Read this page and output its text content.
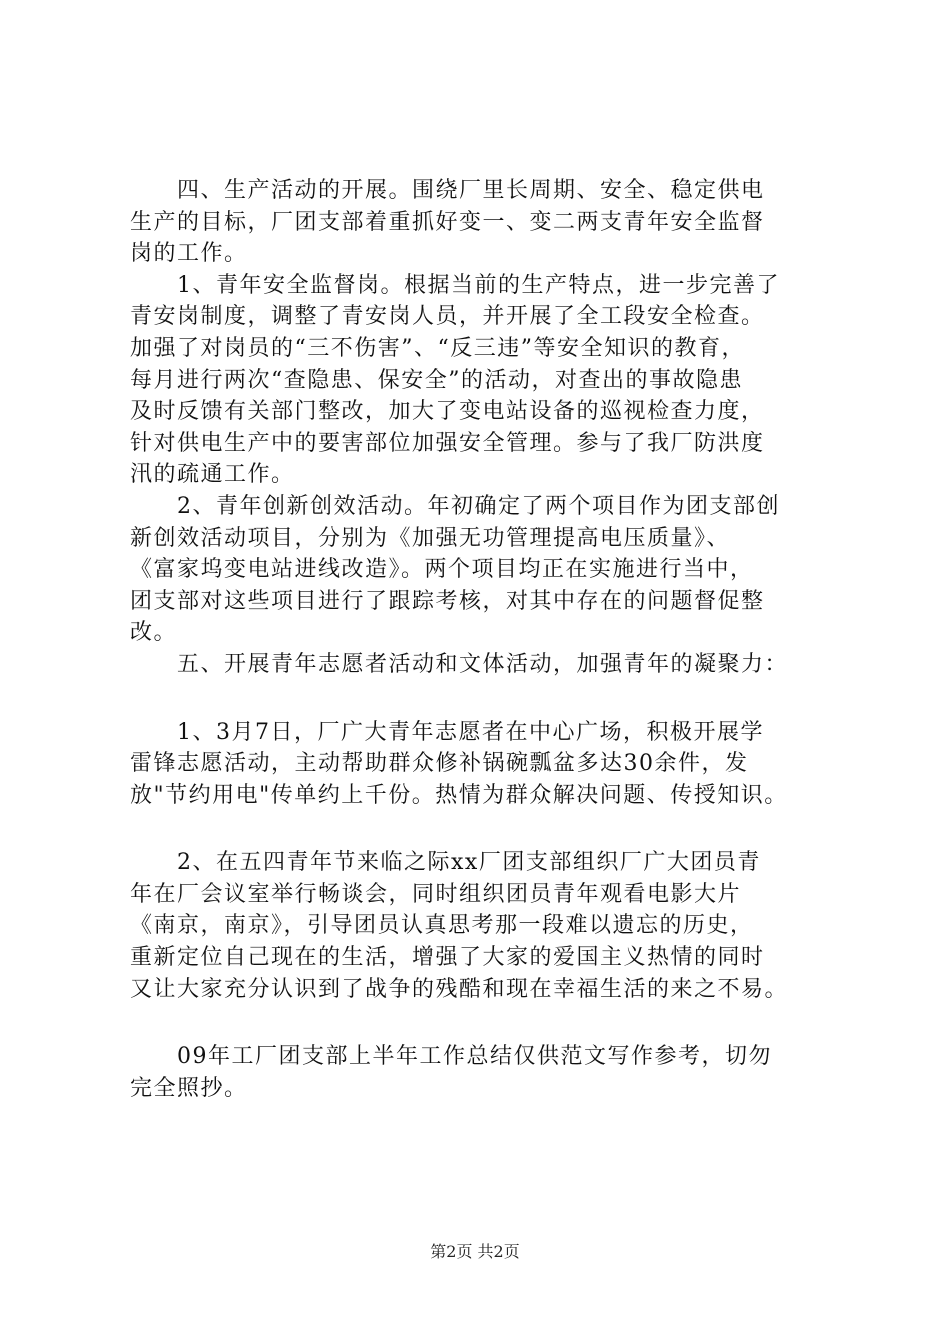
　　四、生产活动的开展。围绕厂里长周期、安全、稳定供电
生产的目标，厂团支部着重抓好变一、变二两支青年安全监督
岗的工作。
　　1、青年安全监督岗。根据当前的生产特点，进一步完善了
青安岗制度，调整了青安岗人员，并开展了全工段安全检查。
加强了对岗员的“三不伤害”、“反三违”等安全知识的教育，
每月进行两次“查隐患、保安全”的活动，对查出的事故隐患
及时反馈有关部门整改，加大了变电站设备的巡视检查力度，
针对供电生产中的要害部位加强安全管理。参与了我厂防洪度
汛的疏通工作。
　　2、青年创新创效活动。年初确定了两个项目作为团支部创
新创效活动项目，分别为《加强无功管理提高电压质量》、
《富家坞变电站进线改造》。两个项目均正在实施进行当中，
团支部对这些项目进行了跟踪考核，对其中存在的问题督促整
改。
　　五、开展青年志愿者活动和文体活动，加强青年的凝聚力：
　　1、3月7日，厂广大青年志愿者在中心广场，积极开展学
雷锋志愿活动，主动帮助群众修补锅碗瓢盆多达30余件，发
放"节约用电"传单约上千份。热情为群众解决问题、传授知识。
　　2、在五四青年节来临之际xx厂团支部组织厂广大团员青
年在厂会议室举行畅谈会，同时组织团员青年观看电影大片
《南京，南京》，引导团员认真思考那一段难以遗忘的历史，
重新定位自己现在的生活，增强了大家的爱国主义热情的同时
又让大家充分认识到了战争的残酷和现在幸福生活的来之不易。
　　09年工厂团支部上半年工作总结仅供范文写作参考，切勿
完全照抄。
第2页 共2页
